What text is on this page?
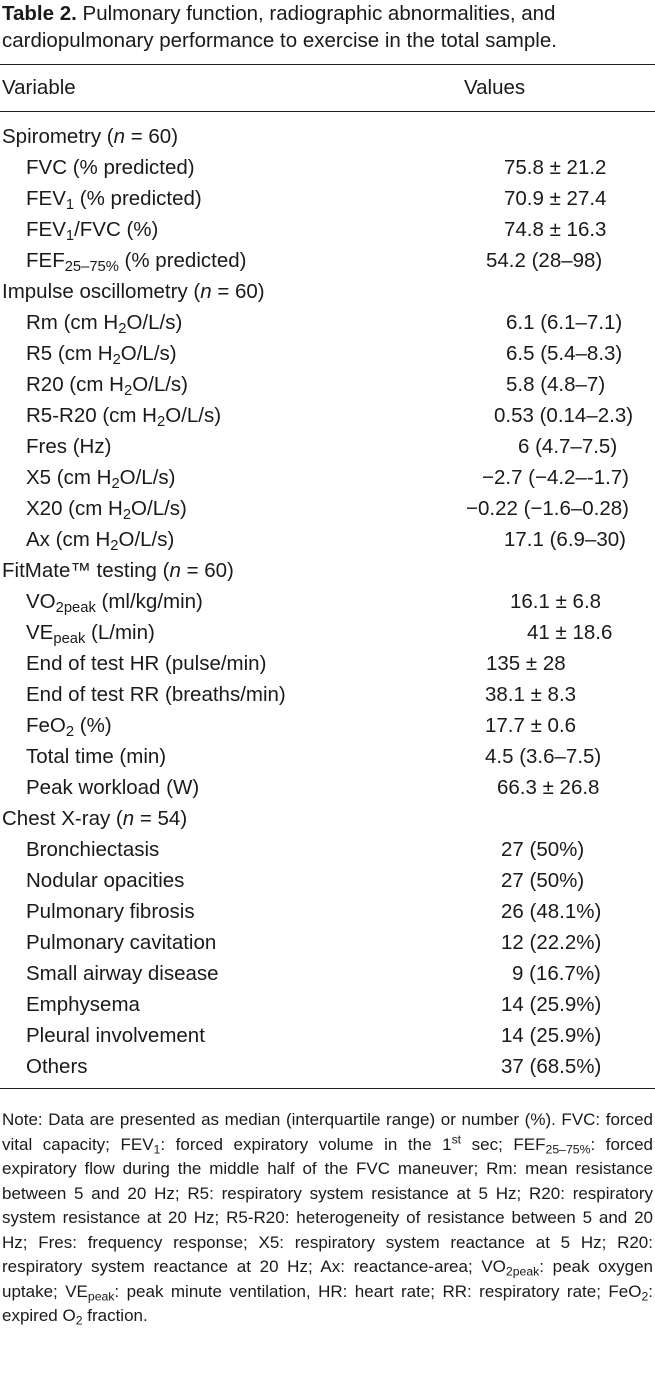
Table 2. Pulmonary function, radiographic abnormalities, and cardiopulmonary performance to exercise in the total sample.
Variable	Values

Spirometry (n = 60)	
FVC (% predicted)	75.8 ± 21.2
$FEV_1$ (% predicted)	70.9 ± 27.4
$FEV_1$/FVC (%)	74.8 ± 16.3
$FEF_{25-75\%}$ (% predicted)	54.2 (28–98)
Impulse oscillometry (n = 60)	
Rm (cm $H_2O/L/s$)	6.1 (6.1–7.1)
R5 (cm $H_2O/L/s$)	6.5 (5.4–8.3)
R20 (cm $H_2O/L/s$)	5.8 (4.8–7)
R5-R20 (cm $H_2O/L/s$)	0.53 (0.14–2.3)
Fres (Hz)	6 (4.7–7.5)
X5 (cm $H_2O/L/s$)	−2.7 (−4.2–-1.7)
X20 (cm $H_2O/L/s$)	−0.22 (−1.6–0.28)
Ax (cm $H_2O/L/s$)	17.1 (6.9–30)
FitMate™ testing (n = 60)	
$VO_{2peak}$ (ml/kg/min)	16.1 ± 6.8
$VE_{peak}$ (L/min)	41 ± 18.6
End of test HR (pulse/min)	135 ± 28
End of test RR (breaths/min)	38.1 ± 8.3
FeO$_2$ (%)	17.7 ± 0.6
Total time (min)	4.5 (3.6–7.5)
Peak workload (W)	66.3 ± 26.8
Chest X-ray (n = 54)	
Bronchiectasis	27 (50%)
Nodular opacities	27 (50%)
Pulmonary fibrosis	26 (48.1%)
Pulmonary cavitation	12 (22.2%)
Small airway disease	9 (16.7%)
Emphysema	14 (25.9%)
Pleural involvement	14 (25.9%)
Others	37 (68.5%)

Note: Data are presented as median (interquartile range) or number (%). FVC: forced vital capacity; $FEV_1$: forced expiratory volume in the 1st sec; $FEF_{25-75\%}$: forced expiratory flow during the middle half of the FVC maneuver; Rm: mean resistance between 5 and 20 Hz; R5: respiratory system resistance at 5 Hz; R20: respiratory system resistance at 20 Hz; R5-R20: heterogeneity of resistance between 5 and 20 Hz; Fres: frequency response; X5: respiratory system reactance at 5 Hz; R20: respiratory system reactance at 20 Hz; Ax: reactance-area; $VO_{2peak}$: peak oxygen uptake; $VE_{peak}$: peak minute ventilation, HR: heart rate; RR: respiratory rate; FeO$_2$: expired $O_2$ fraction.
